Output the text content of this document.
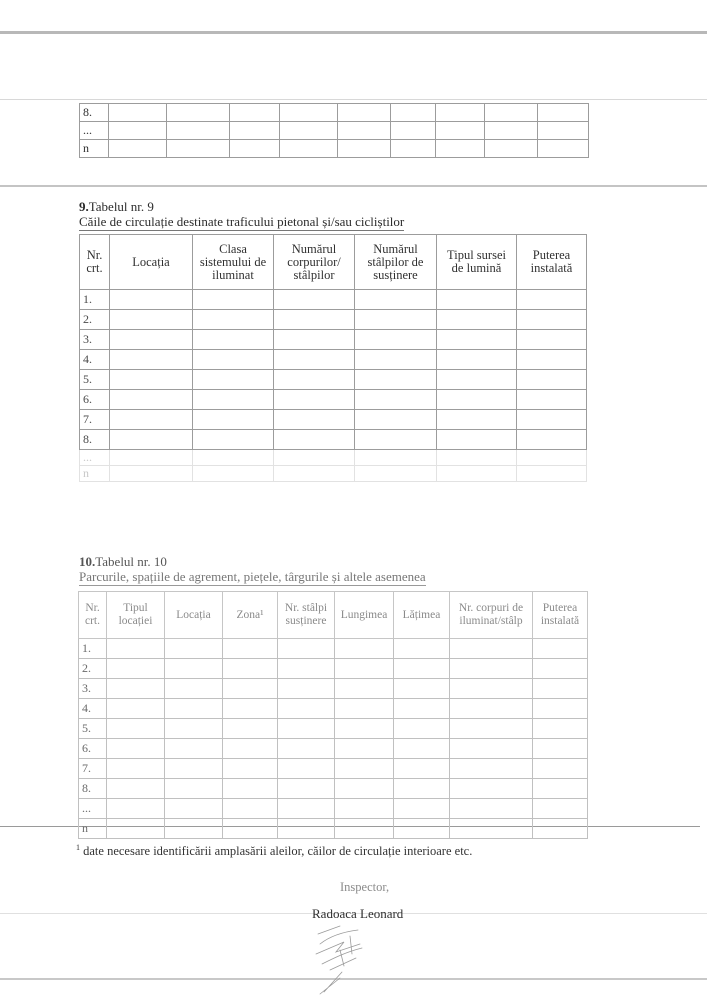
8.									
...									
n									
9.Tabelul nr. 9
Căile de circulație destinate traficului pietonal și/sau cicliștilor
Nr. crt.	Locația	Clasa sistemului de iluminat	Numărul corpurilor/ stâlpilor	Numărul stâlpilor de susținere	Tipul sursei de lumină	Puterea instalată
1.						
2.						
3.						
4.						
5.						
6.						
7.						
8.						
...						
n						
10.Tabelul nr. 10
Parcurile, spațiile de agrement, piețele, târgurile și altele asemenea
Nr. crt.	Tipul locației	Locația	Zona¹	Nr. stâlpi susținere	Lungimea	Lățimea	Nr. corpuri de iluminat/stâlp	Puterea instalată
1.								
2.								
3.								
4.								
5.								
6.								
7.								
8.								
...								
n								
$^1$ date necesare identificării amplasării aleilor, căilor de circulație interioare etc.
Inspector,
Radoaca Leonard
